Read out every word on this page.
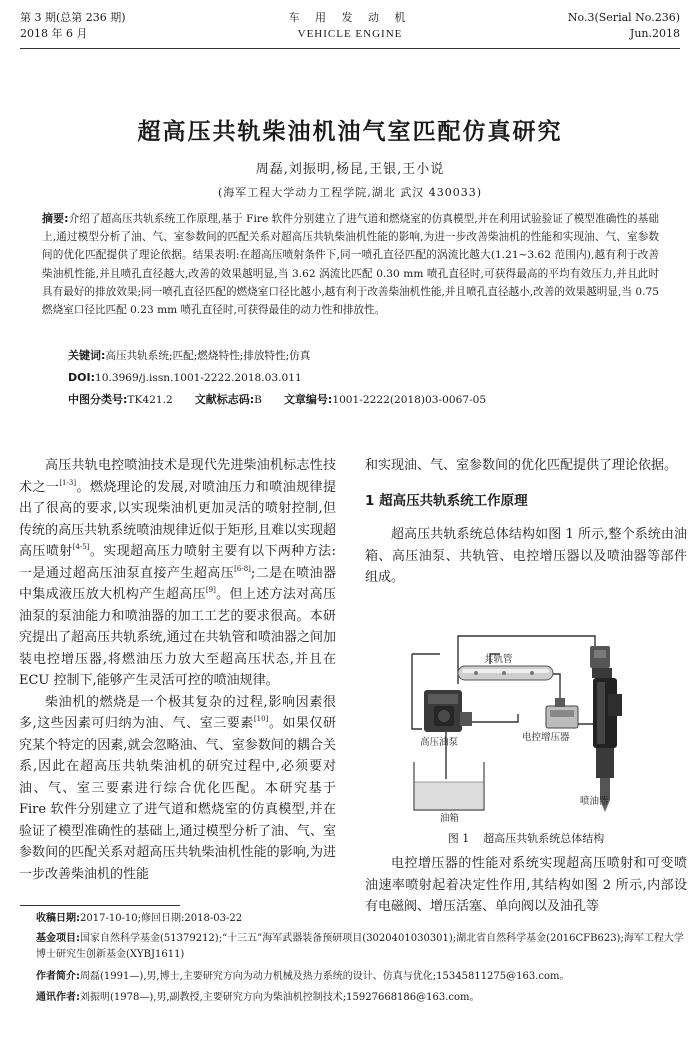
第 3 期(总第 236 期)
2018 年 6 月
车 用 发 动 机
VEHICLE ENGINE
No.3(Serial No.236)
Jun.2018
超高压共轨柴油机油气室匹配仿真研究
周磊,刘振明,杨昆,王银,王小说
(海军工程大学动力工程学院,湖北 武汉 430033)
摘要:介绍了超高压共轨系统工作原理,基于 Fire 软件分别建立了进气道和燃烧室的仿真模型,并在利用试验验证了模型准确性的基础上,通过模型分析了油、气、室参数间的匹配关系对超高压共轨柴油机性能的影响,为进一步改善柴油机的性能和实现油、气、室参数间的优化匹配提供了理论依据。结果表明:在超高压喷射条件下,同一喷孔直径匹配的涡流比越大(1.21~3.62 范围内),越有利于改善柴油机性能,并且喷孔直径越大,改善的效果越明显,当 3.62 涡流比匹配 0.30 mm 喷孔直径时,可获得最高的平均有效压力,并且此时具有最好的排放效果;同一喷孔直径匹配的燃烧室口径比越小,越有利于改善柴油机性能,并且喷孔直径越小,改善的效果越明显,当 0.75 燃烧室口径比匹配 0.23 mm 喷孔直径时,可获得最佳的动力性和排放性。
关键词:高压共轨系统;匹配;燃烧特性;排放特性;仿真
DOI:10.3969/j.issn.1001-2222.2018.03.011
中图分类号:TK421.2 文献标志码:B 文章编号:1001-2222(2018)03-0067-05

高压共轨电控喷油技术是现代先进柴油机标志性技术之一[1-3]。燃烧理论的发展,对喷油压力和喷油规律提出了很高的要求,以实现柴油机更加灵活的喷射控制,但传统的高压共轨系统喷油规律近似于矩形,且难以实现超高压喷射[4-5]。实现超高压力喷射主要有以下两种方法:一是通过超高压油泵直接产生超高压[6-8];二是在喷油器中集成液压放大机构产生超高压[9]。但上述方法对高压油泵的泵油能力和喷油器的加工工艺的要求很高。本研究提出了超高压共轨系统,通过在共轨管和喷油器之间加装电控增压器,将燃油压力放大至超高压状态,并且在 ECU 控制下,能够产生灵活可控的喷油规律。

柴油机的燃烧是一个极其复杂的过程,影响因素很多,这些因素可归纳为油、气、室三要素[10]。如果仅研究某个特定的因素,就会忽略油、气、室参数间的耦合关系,因此在超高压共轨柴油机的研究过程中,必须要对油、气、室三要素进行综合优化匹配。本研究基于 Fire 软件分别建立了进气道和燃烧室的仿真模型,并在验证了模型准确性的基础上,通过模型分析了油、气、室参数间的匹配关系对超高压共轨柴油机性能的影响,为进一步改善柴油机的性能

和实现油、气、室参数间的优化匹配提供了理论依据。

1 超高压共轨系统工作原理

超高压共轨系统总体结构如图 1 所示,整个系统由油箱、高压油泵、共轨管、电控增压器以及喷油器等部件组成。

共轨管
高压油泵	电控增压器
油箱
喷油器
图 1 超高压共轨系统总体结构

电控增压器的性能对系统实现超高压喷射和可变喷油速率喷射起着决定性作用,其结构如图 2 所示,内部设有电磁阀、增压活塞、单向阀以及油孔等

收稿日期:2017-10-10;修回日期:2018-03-22
基金项目:国家自然科学基金(51379212);“十三五”海军武器装备预研项目(3020401030301);湖北省自然科学基金(2016CFB623);海军工程大学博士研究生创新基金(XYBJ1611)
作者简介:周磊(1991—),男,博士,主要研究方向为动力机械及热力系统的设计、仿真与优化;15345811275@163.com。
通讯作者:刘振明(1978—),男,副教授,主要研究方向为柴油机控制技术;15927668186@163.com。
